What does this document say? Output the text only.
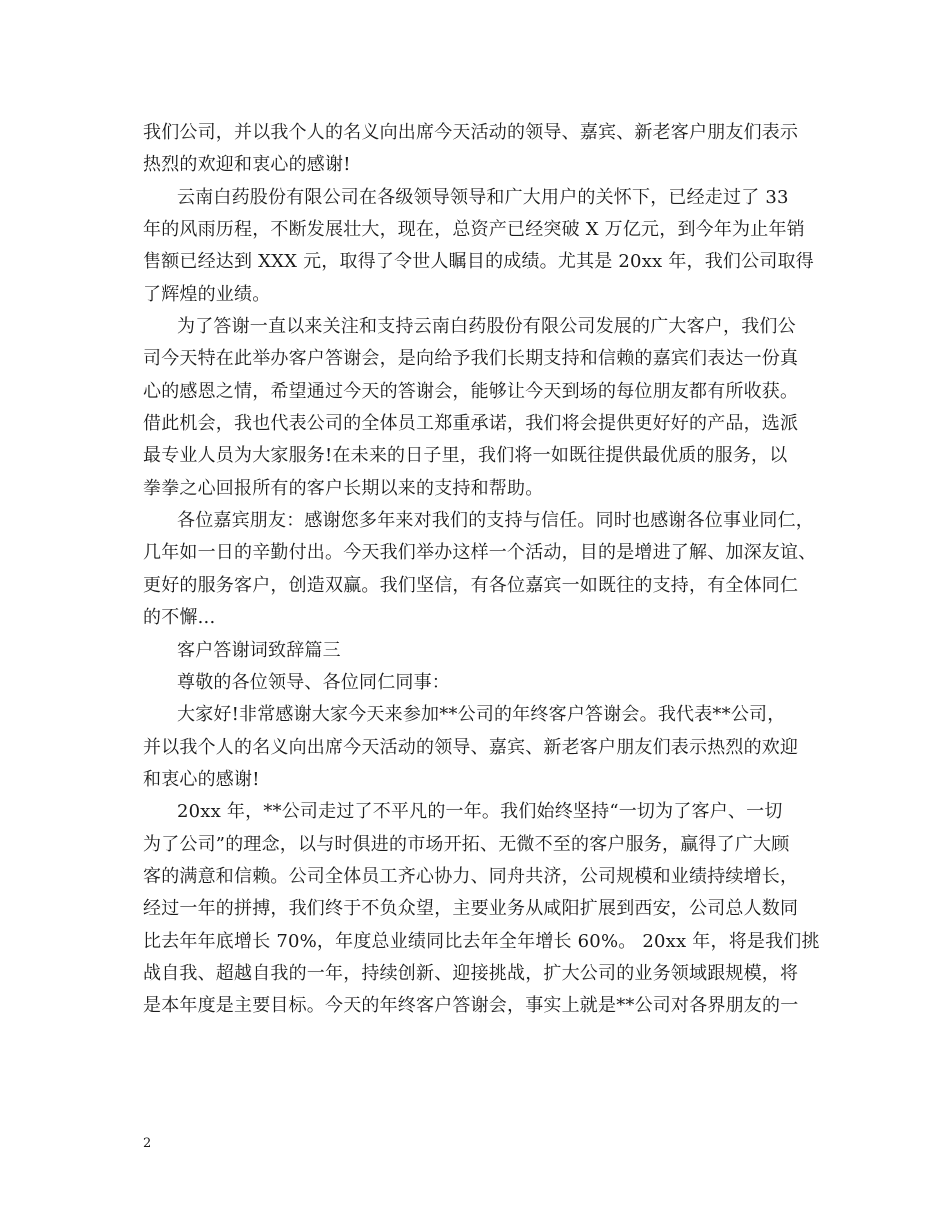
我们公司，并以我个人的名义向出席今天活动的领导、嘉宾、新老客户朋友们表示
热烈的欢迎和衷心的感谢!
云南白药股份有限公司在各级领导领导和广大用户的关怀下，已经走过了 33
年的风雨历程，不断发展壮大，现在，总资产已经突破 X 万亿元，到今年为止年销
售额已经达到 XXX 元，取得了令世人瞩目的成绩。尤其是 20xx 年，我们公司取得
了辉煌的业绩。
为了答谢一直以来关注和支持云南白药股份有限公司发展的广大客户，我们公
司今天特在此举办客户答谢会，是向给予我们长期支持和信赖的嘉宾们表达一份真
心的感恩之情，希望通过今天的答谢会，能够让今天到场的每位朋友都有所收获。
借此机会，我也代表公司的全体员工郑重承诺，我们将会提供更好好的产品，选派
最专业人员为大家服务!在未来的日子里，我们将一如既往提供最优质的服务，以
拳拳之心回报所有的客户长期以来的支持和帮助。
各位嘉宾朋友：感谢您多年来对我们的支持与信任。同时也感谢各位事业同仁，
几年如一日的辛勤付出。今天我们举办这样一个活动，目的是增进了解、加深友谊、
更好的服务客户，创造双赢。我们坚信，有各位嘉宾一如既往的支持，有全体同仁
的不懈...
客户答谢词致辞篇三
尊敬的各位领导、各位同仁同事：
大家好!非常感谢大家今天来参加**公司的年终客户答谢会。我代表**公司，
并以我个人的名义向出席今天活动的领导、嘉宾、新老客户朋友们表示热烈的欢迎
和衷心的感谢!
20xx 年，**公司走过了不平凡的一年。我们始终坚持“一切为了客户、一切
为了公司”的理念，以与时俱进的市场开拓、无微不至的客户服务，赢得了广大顾
客的满意和信赖。公司全体员工齐心协力、同舟共济，公司规模和业绩持续增长，
经过一年的拼搏，我们终于不负众望，主要业务从咸阳扩展到西安，公司总人数同
比去年年底增长 70%，年度总业绩同比去年全年增长 60%。 20xx 年，将是我们挑
战自我、超越自我的一年，持续创新、迎接挑战，扩大公司的业务领域跟规模，将
是本年度是主要目标。今天的年终客户答谢会，事实上就是**公司对各界朋友的一
2
